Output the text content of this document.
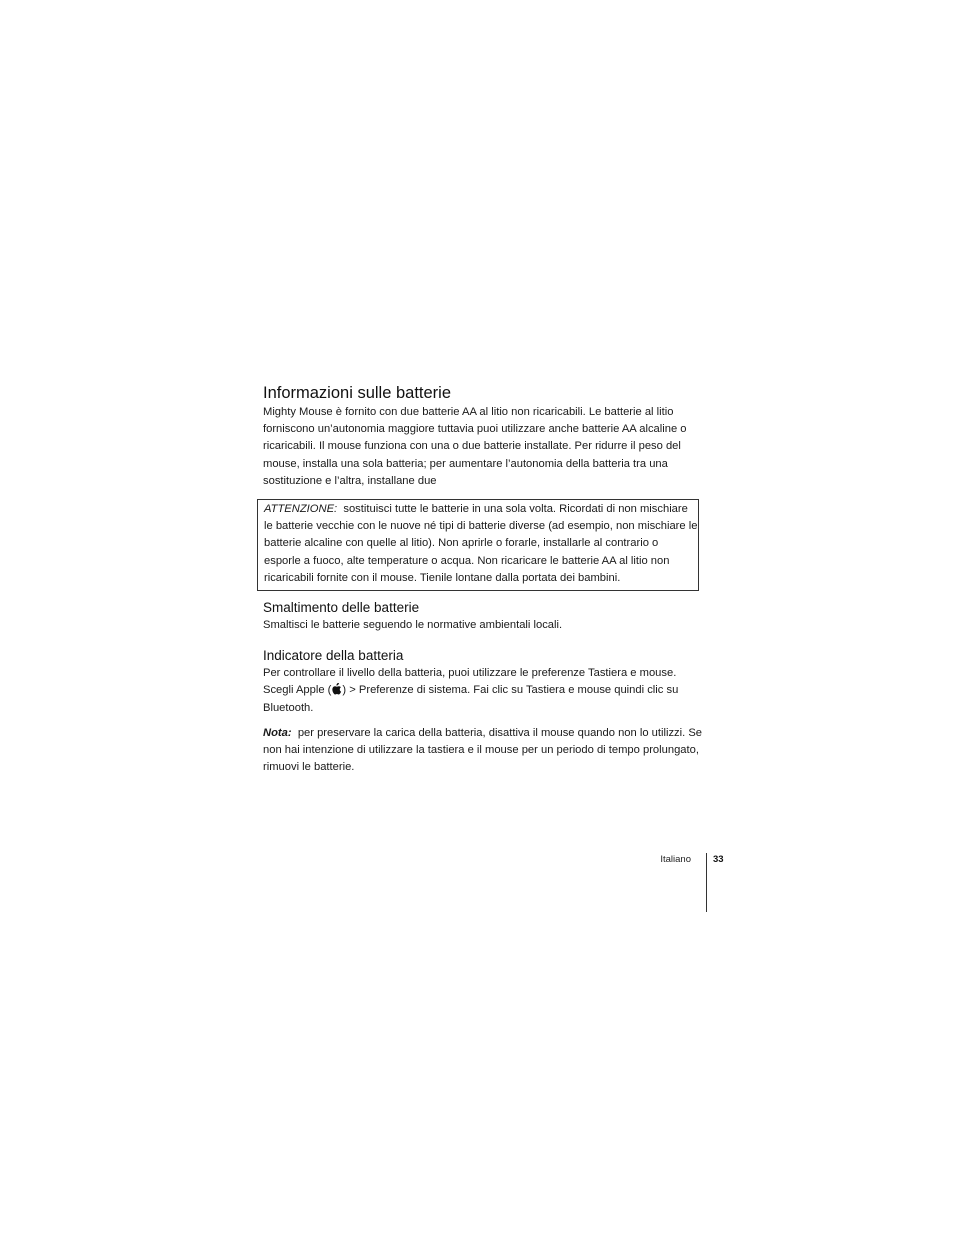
Informazioni sulle batterie

Mighty Mouse è fornito con due batterie AA al litio non ricaricabili. Le batterie al litio forniscono un’autonomia maggiore tuttavia puoi utilizzare anche batterie AA alcaline o ricaricabili. Il mouse funziona con una o due batterie installate. Per ridurre il peso del mouse, installa una sola batteria; per aumentare l’autonomia della batteria tra una sostituzione e l’altra, installane due

ATTENZIONE: sostituisci tutte le batterie in una sola volta. Ricordati di non mischiare le batterie vecchie con le nuove né tipi di batterie diverse (ad esempio, non mischiare le batterie alcaline con quelle al litio). Non aprirle o forarle, installarle al contrario o esporle a fuoco, alte temperature o acqua. Non ricaricare le batterie AA al litio non ricaricabili fornite con il mouse. Tienile lontane dalla portata dei bambini.

Smaltimento delle batterie

Smaltisci le batterie seguendo le normative ambientali locali.

Indicatore della batteria

Per controllare il livello della batteria, puoi utilizzare le preferenze Tastiera e mouse. Scegli Apple ( ) > Preferenze di sistema. Fai clic su Tastiera e mouse quindi clic su Bluetooth.

Nota: per preservare la carica della batteria, disattiva il mouse quando non lo utilizzi. Se non hai intenzione di utilizzare la tastiera e il mouse per un periodo di tempo prolungato, rimuovi le batterie.

Italiano 33
